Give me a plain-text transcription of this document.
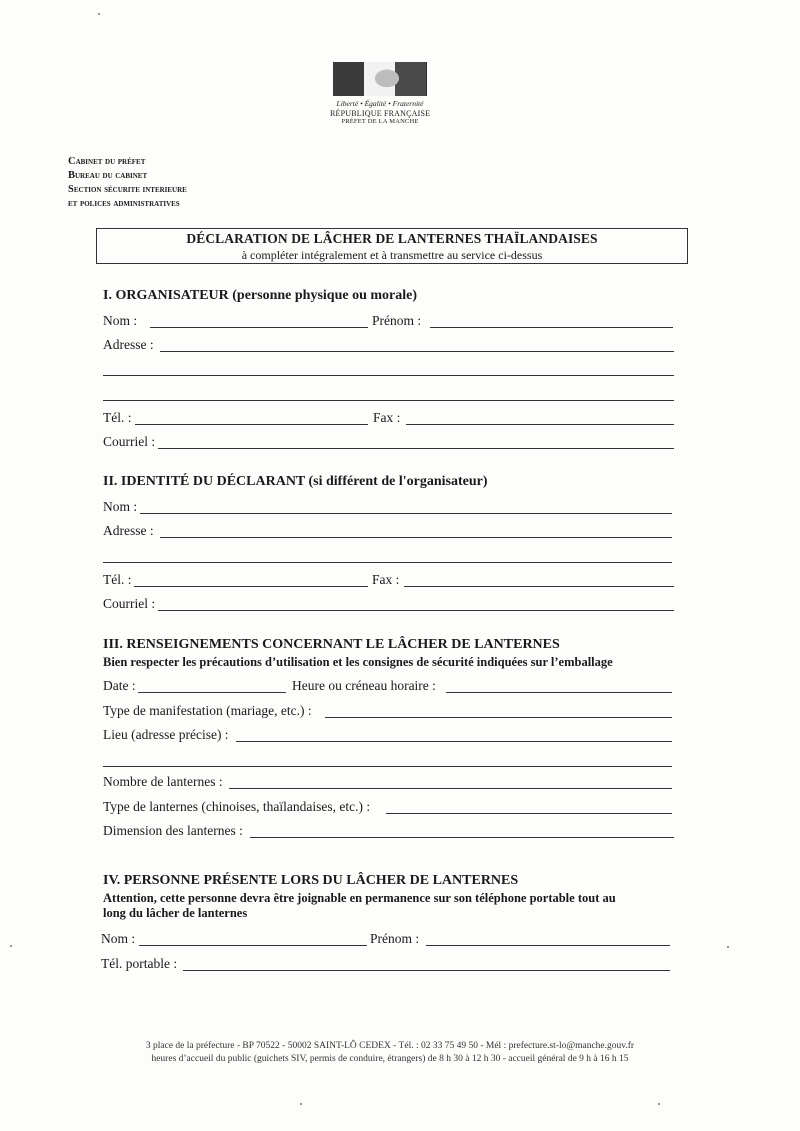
Liberté • Égalité • Fraternité
RÉPUBLIQUE FRANÇAISE
PRÉFET DE LA MANCHE
Cabinet du préfet
Bureau du cabinet
Section sécurite interieure
et polices administratives
DÉCLARATION DE LÂCHER DE LANTERNES THAÏLANDAISES
à compléter intégralement et à transmettre au service ci-dessus
I. ORGANISATEUR (personne physique ou morale)
Nom :	Prénom :
Adresse :
Tél. :	Fax :
Courriel :
II. IDENTITÉ DU DÉCLARANT (si différent de l'organisateur)
Nom :
Adresse :
Tél. :	Fax :
Courriel :
III. RENSEIGNEMENTS CONCERNANT LE LÂCHER DE LANTERNES
Bien respecter les précautions d’utilisation et les consignes de sécurité indiquées sur l’emballage
Date :	Heure ou créneau horaire :
Type de manifestation (mariage, etc.) :
Lieu (adresse précise) :
Nombre de lanternes :
Type de lanternes (chinoises, thaïlandaises, etc.) :
Dimension des lanternes :
IV. PERSONNE PRÉSENTE LORS DU LÂCHER DE LANTERNES
Attention, cette personne devra être joignable en permanence sur son téléphone portable tout au
long du lâcher de lanternes
Nom :	Prénom :
Tél. portable :
3 place de la préfecture - BP 70522 - 50002 SAINT-LÔ CEDEX - Tél. : 02 33 75 49 50 - Mél : prefecture.st-lo@manche.gouv.fr
heures d’accueil du public (guichets SIV, permis de conduire, étrangers) de 8 h 30 à 12 h 30 - accueil général de 9 h à 16 h 15
